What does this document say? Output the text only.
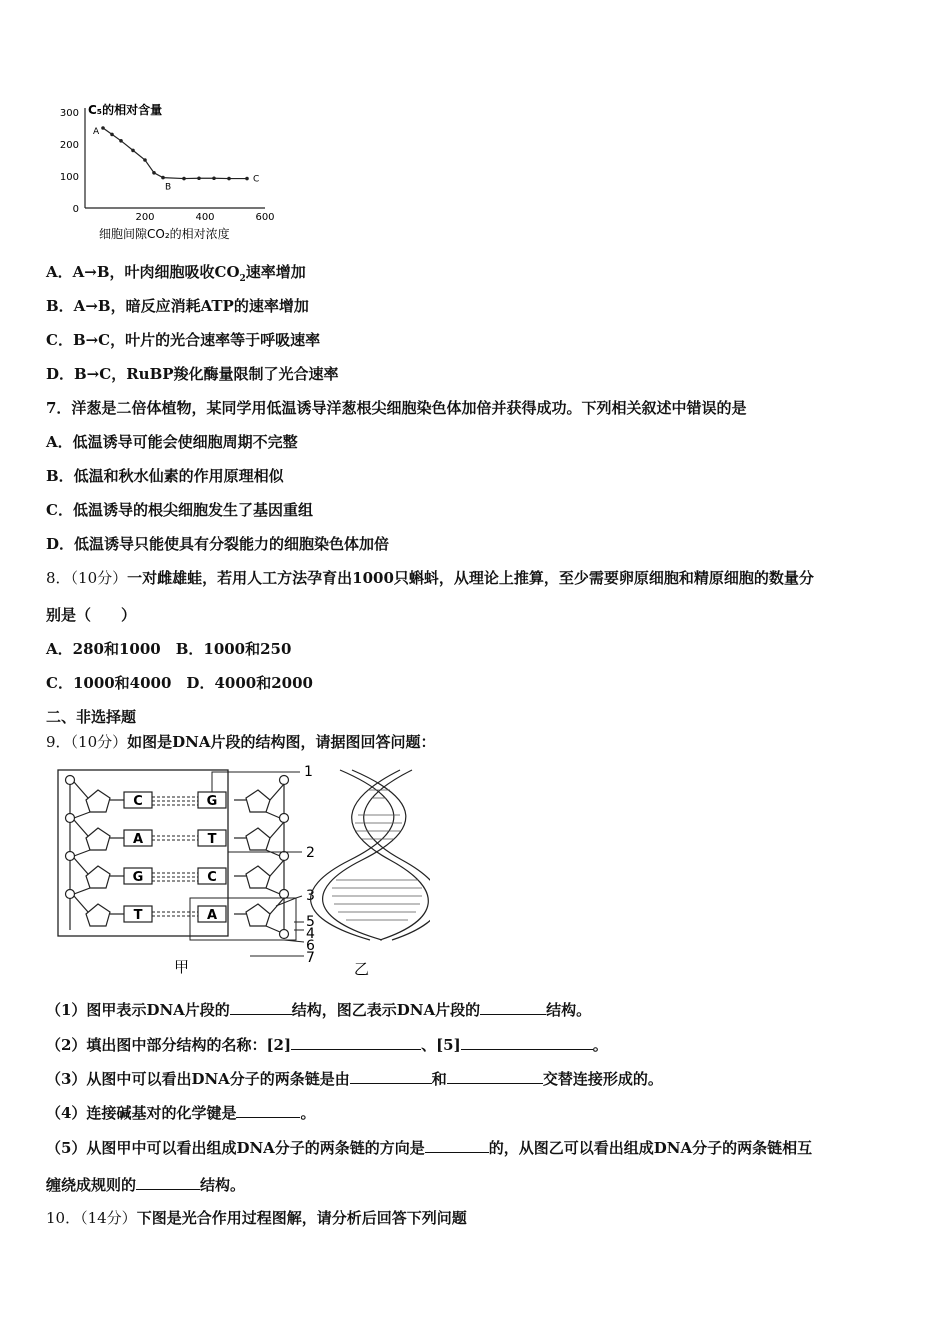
0
100
200
300
200	400	600
C₅的相对含量
细胞间隙CO₂的相对浓度
A
B
C
A．A→B，叶肉细胞吸收$CO_2$速率增加
B．A→B，暗反应消耗ATP的速率增加
C．B→C，叶片的光合速率等于呼吸速率
D．B→C，RuBP羧化酶量限制了光合速率
7．洋葱是二倍体植物，某同学用低温诱导洋葱根尖细胞染色体加倍并获得成功。下列相关叙述中错误的是
A．低温诱导可能会使细胞周期不完整
B．低温和秋水仙素的作用原理相似
C．低温诱导的根尖细胞发生了基因重组
D．低温诱导只能使具有分裂能力的细胞染色体加倍
8．（10分）一对雌雄蛙，若用人工方法孕育出1000只蝌蚪，从理论上推算，至少需要卵原细胞和精原细胞的数量分
别是（　　）
A．280和1000　B．1000和250
C．1000和4000　D．4000和2000
二、非选择题
9．（10分）如图是DNA片段的结构图，请据图回答问题：
C
A
G
T
G
T
C
A
1
2
3
5
4
6
7
甲	乙
（1）图甲表示DNA片段的	结构，图乙表示DNA片段的	结构。
（2）填出图中部分结构的名称：[2]	、[5]	。
（3）从图中可以看出DNA分子的两条链是由	和	交替连接形成的。
（4）连接碱基对的化学键是	。
（5）从图甲中可以看出组成DNA分子的两条链的方向是	的，从图乙可以看出组成DNA分子的两条链相互
缠绕成规则的	结构。
10．（14分）下图是光合作用过程图解，请分析后回答下列问题
